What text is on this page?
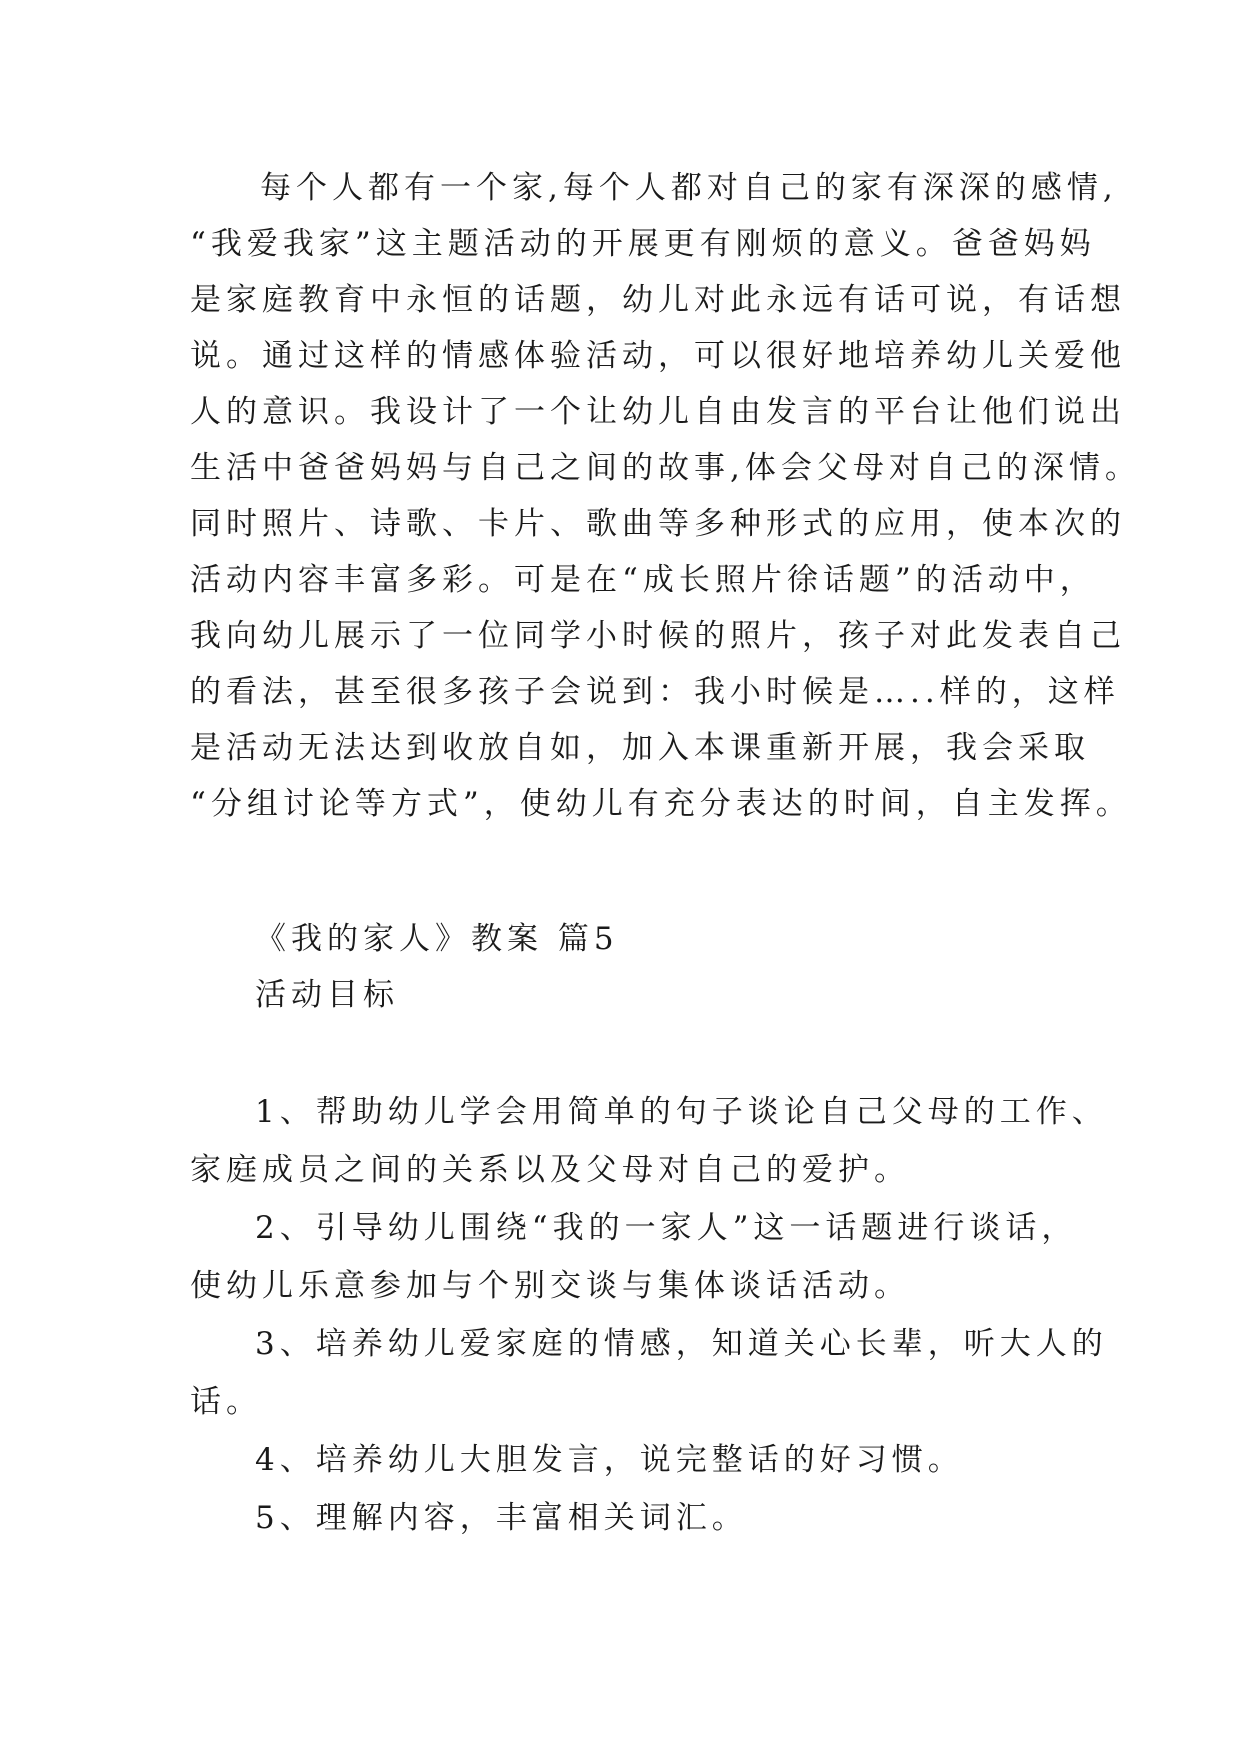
每个人都有一个家,每个人都对自己的家有深深的感情,
“我爱我家”这主题活动的开展更有刚烦的意义。爸爸妈妈
是家庭教育中永恒的话题，幼儿对此永远有话可说，有话想
说。通过这样的情感体验活动，可以很好地培养幼儿关爱他
人的意识。我设计了一个让幼儿自由发言的平台让他们说出
生活中爸爸妈妈与自己之间的故事,体会父母对自己的深情。
同时照片、诗歌、卡片、歌曲等多种形式的应用，使本次的
活动内容丰富多彩。可是在“成长照片徐话题”的活动中，
我向幼儿展示了一位同学小时候的照片，孩子对此发表自己
的看法，甚至很多孩子会说到：我小时候是…..样的，这样
是活动无法达到收放自如，加入本课重新开展，我会采取
“分组讨论等方式”，使幼儿有充分表达的时间，自主发挥。
《我的家人》教案 篇5
活动目标
1、帮助幼儿学会用简单的句子谈论自己父母的工作、
家庭成员之间的关系以及父母对自己的爱护。
2、引导幼儿围绕“我的一家人”这一话题进行谈话，
使幼儿乐意参加与个别交谈与集体谈话活动。
3、培养幼儿爱家庭的情感，知道关心长辈，听大人的
话。
4、培养幼儿大胆发言，说完整话的好习惯。
5、理解内容，丰富相关词汇。
